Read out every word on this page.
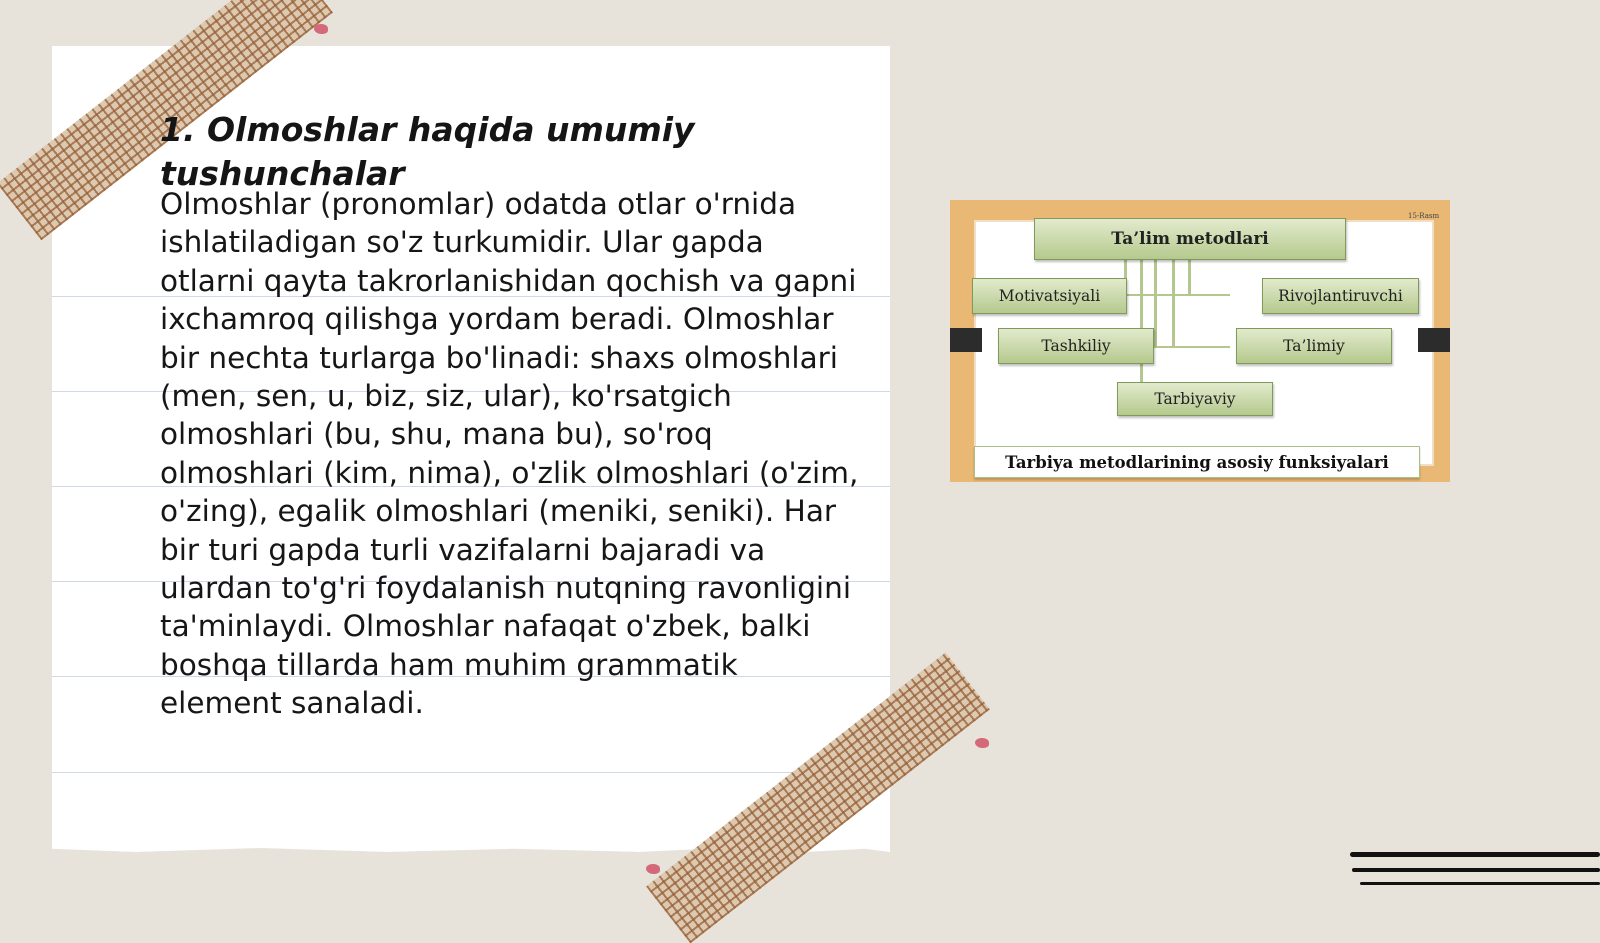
1. Olmoshlar haqida umumiy tushunchalar

Olmoshlar (pronomlar) odatda otlar o'rnida ishlatiladigan so'z turkumidir. Ular gapda otlarni qayta takrorlanishidan qochish va gapni ixchamroq qilishga yordam beradi. Olmoshlar bir nechta turlarga bo'linadi: shaxs olmoshlari (men, sen, u, biz, siz, ular), ko'rsatgich olmoshlari (bu, shu, mana bu), so'roq olmoshlari (kim, nima), o'zlik olmoshlari (o'zim, o'zing), egalik olmoshlari (meniki, seniki). Har bir turi gapda turli vazifalarni bajaradi va ulardan to'g'ri foydalanish nutqning ravonligini ta'minlaydi. Olmoshlar nafaqat o'zbek, balki boshqa tillarda ham muhim grammatik element sanaladi.

15-Rasm
Ta’lim metodlari
Motivatsiyali	Rivojlantiruvchi
Tashkiliy	Ta’limiy
Tarbiyaviy
Tarbiya metodlarining asosiy funksiyalari
